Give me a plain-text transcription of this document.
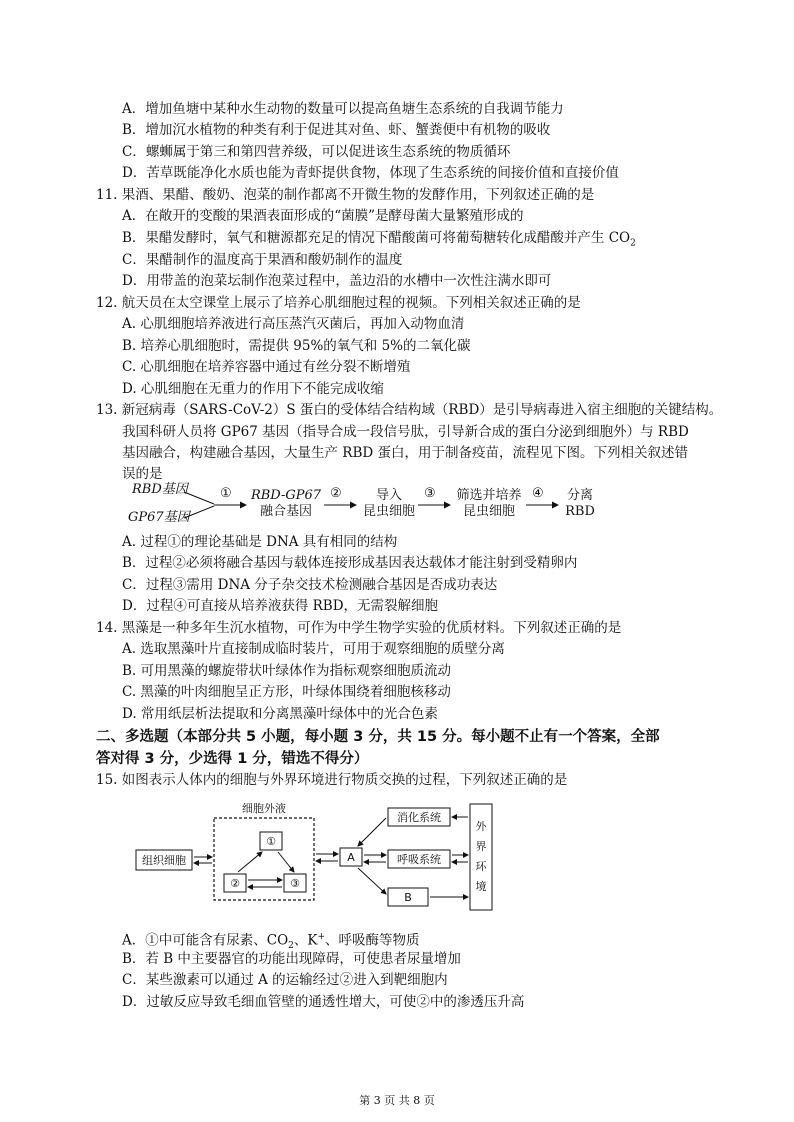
A．增加鱼塘中某种水生动物的数量可以提高鱼塘生态系统的自我调节能力
B．增加沉水植物的种类有利于促进其对鱼、虾、蟹粪便中有机物的吸收
C．螺蛳属于第三和第四营养级，可以促进该生态系统的物质循环
D．苦草既能净化水质也能为青虾提供食物，体现了生态系统的间接价值和直接价值
11. 果酒、果醋、酸奶、泡菜的制作都离不开微生物的发酵作用，下列叙述正确的是
A．在敞开的变酸的果酒表面形成的“菌膜”是酵母菌大量繁殖形成的
B．果醋发酵时，氧气和糖源都充足的情况下醋酸菌可将葡萄糖转化成醋酸并产生 $CO_2$
C．果醋制作的温度高于果酒和酸奶制作的温度
D．用带盖的泡菜坛制作泡菜过程中，盖边沿的水槽中一次性注满水即可
12. 航天员在太空课堂上展示了培养心肌细胞过程的视频。下列相关叙述正确的是
A. 心肌细胞培养液进行高压蒸汽灭菌后，再加入动物血清
B. 培养心肌细胞时，需提供 95%的氧气和 5%的二氧化碳
C. 心肌细胞在培养容器中通过有丝分裂不断增殖
D. 心肌细胞在无重力的作用下不能完成收缩
13. 新冠病毒（SARS-CoV-2）S 蛋白的受体结合结构域（RBD）是引导病毒进入宿主细胞的关键结构。
我国科研人员将 GP67 基因（指导合成一段信号肽，引导新合成的蛋白分泌到细胞外）与 RBD
基因融合，构建融合基因，大量生产 RBD 蛋白，用于制备疫苗，流程见下图。下列相关叙述错
误的是
RBD基因
GP67基因
① RBD-GP67
融合基因
②	导入
昆虫细胞
③	筛选并培养
昆虫细胞
④	分离
RBD
A. 过程①的理论基础是 DNA 具有相同的结构
B．过程②必须将融合基因与载体连接形成基因表达载体才能注射到受精卵内
C．过程③需用 DNA 分子杂交技术检测融合基因是否成功表达
D．过程④可直接从培养液获得 RBD，无需裂解细胞
14. 黑藻是一种多年生沉水植物，可作为中学生物学实验的优质材料。下列叙述正确的是
A. 选取黑藻叶片直接制成临时装片，可用于观察细胞的质壁分离
B. 可用黑藻的螺旋带状叶绿体作为指标观察细胞质流动
C. 黑藻的叶肉细胞呈正方形，叶绿体围绕着细胞核移动
D. 常用纸层析法提取和分离黑藻叶绿体中的光合色素
二、多选题（本部分共 5 小题，每小题 3 分，共 15 分。每小题不止有一个答案，全部
答对得 3 分，少选得 1 分，错选不得分）
15. 如图表示人体内的细胞与外界环境进行物质交换的过程，下列叙述正确的是
细胞外液
组织细胞
①
②	③
A
消化系统
呼吸系统
B
外
界
环
境
A．①中可能含有尿素、$CO_2$、K+、呼吸酶等物质
B．若 B 中主要器官的功能出现障碍，可使患者尿量增加
C．某些激素可以通过 A 的运输经过②进入到靶细胞内
D．过敏反应导致毛细血管壁的通透性增大，可使②中的渗透压升高
第 3 页 共 8 页
